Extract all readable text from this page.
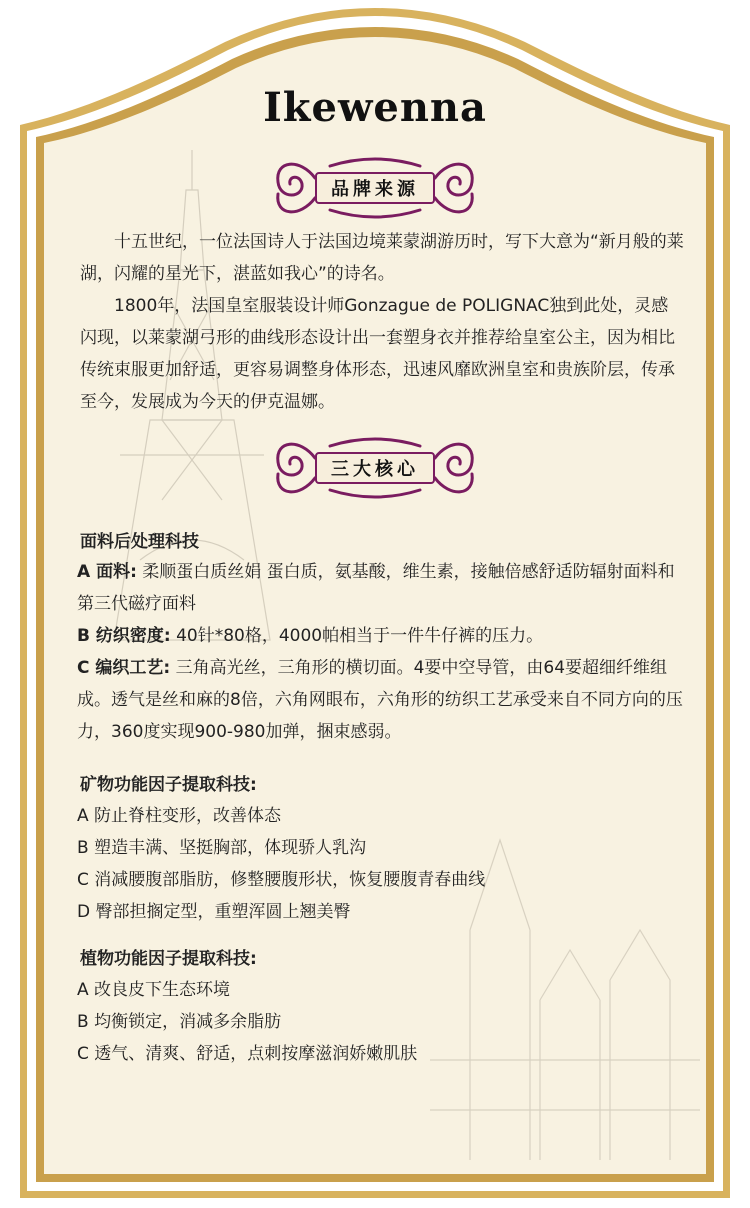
Ikewenna
品牌来源

十五世纪，一位法国诗人于法国边境莱蒙湖游历时，写下大意为“新月般的莱湖，闪耀的星光下，湛蓝如我心”的诗名。

1800年，法国皇室服装设计师Gonzague de POLIGNAC独到此处，灵感闪现，以莱蒙湖弓形的曲线形态设计出一套塑身衣并推荐给皇室公主，因为相比传统束服更加舒适，更容易调整身体形态，迅速风靡欧洲皇室和贵族阶层，传承至今，发展成为今天的伊克温娜。

三大核心
面料后处理科技

A 面料: 柔顺蛋白质丝娟 蛋白质，氨基酸，维生素，接触倍感舒适防辐射面料和第三代磁疗面料

B 纺织密度: 40针*80格，4000帕相当于一件牛仔裤的压力。

C 编织工艺: 三角高光丝，三角形的横切面。4要中空导管，由64要超细纤维组成。透气是丝和麻的8倍，六角网眼布，六角形的纺织工艺承受来自不同方向的压力，360度实现900-980加弹，捆束感弱。

矿物功能因子提取科技:
A 防止脊柱变形，改善体态
B 塑造丰满、坚挺胸部，体现骄人乳沟
C 消减腰腹部脂肪，修整腰腹形状，恢复腰腹青春曲线
D 臀部担搁定型，重塑浑圆上翘美臀
植物功能因子提取科技:
A 改良皮下生态环境
B 均衡锁定，消减多余脂肪
C 透气、清爽、舒适，点刺按摩滋润娇嫩肌肤
